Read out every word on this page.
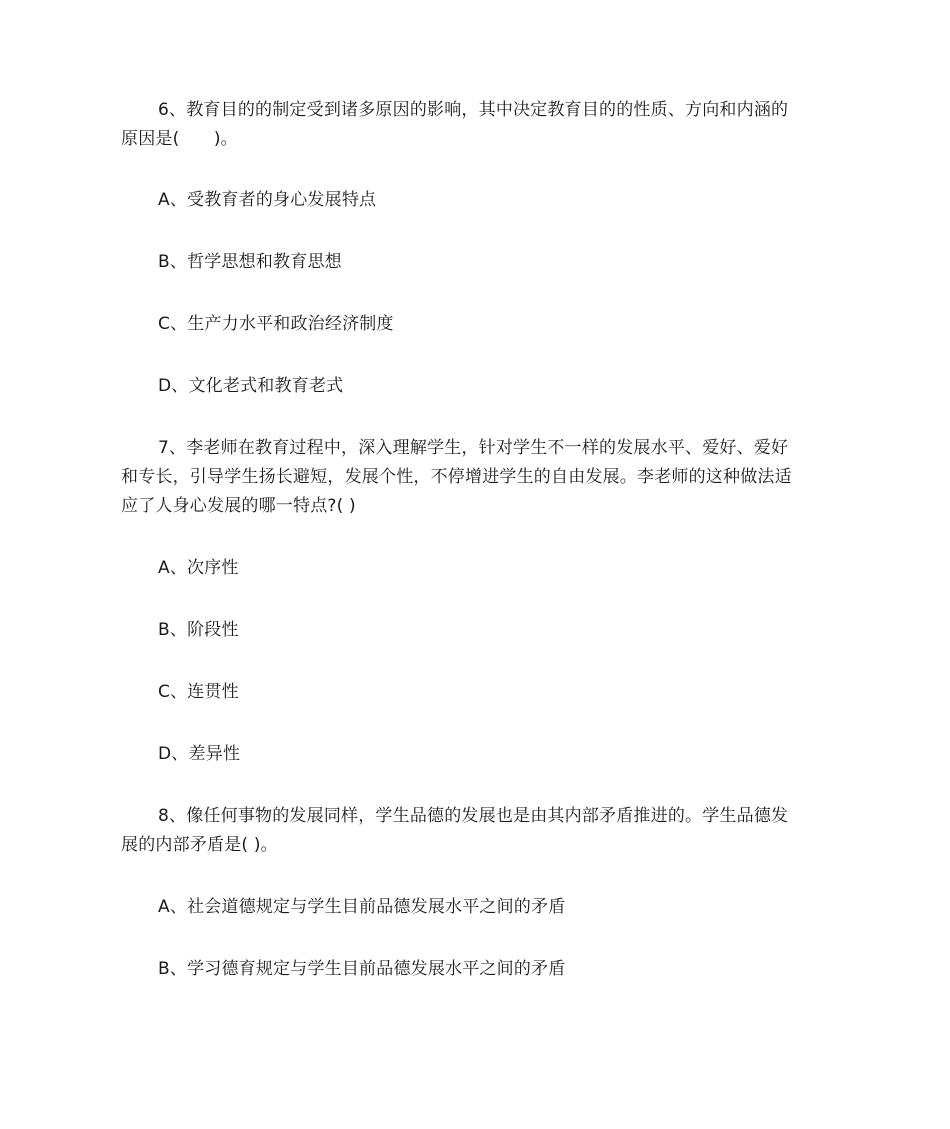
6、教育目的的制定受到诸多原因的影响，其中决定教育目的的性质、方向和内涵的
原因是(　　)。
A、受教育者的身心发展特点
B、哲学思想和教育思想
C、生产力水平和政治经济制度
D、文化老式和教育老式
7、李老师在教育过程中，深入理解学生，针对学生不一样的发展水平、爱好、爱好
和专长，引导学生扬长避短，发展个性，不停增进学生的自由发展。李老师的这种做法适
应了人身心发展的哪一特点?( )
A、次序性
B、阶段性
C、连贯性
D、差异性
8、像任何事物的发展同样，学生品德的发展也是由其内部矛盾推进的。学生品德发
展的内部矛盾是( )。
A、社会道德规定与学生目前品德发展水平之间的矛盾
B、学习德育规定与学生目前品德发展水平之间的矛盾
